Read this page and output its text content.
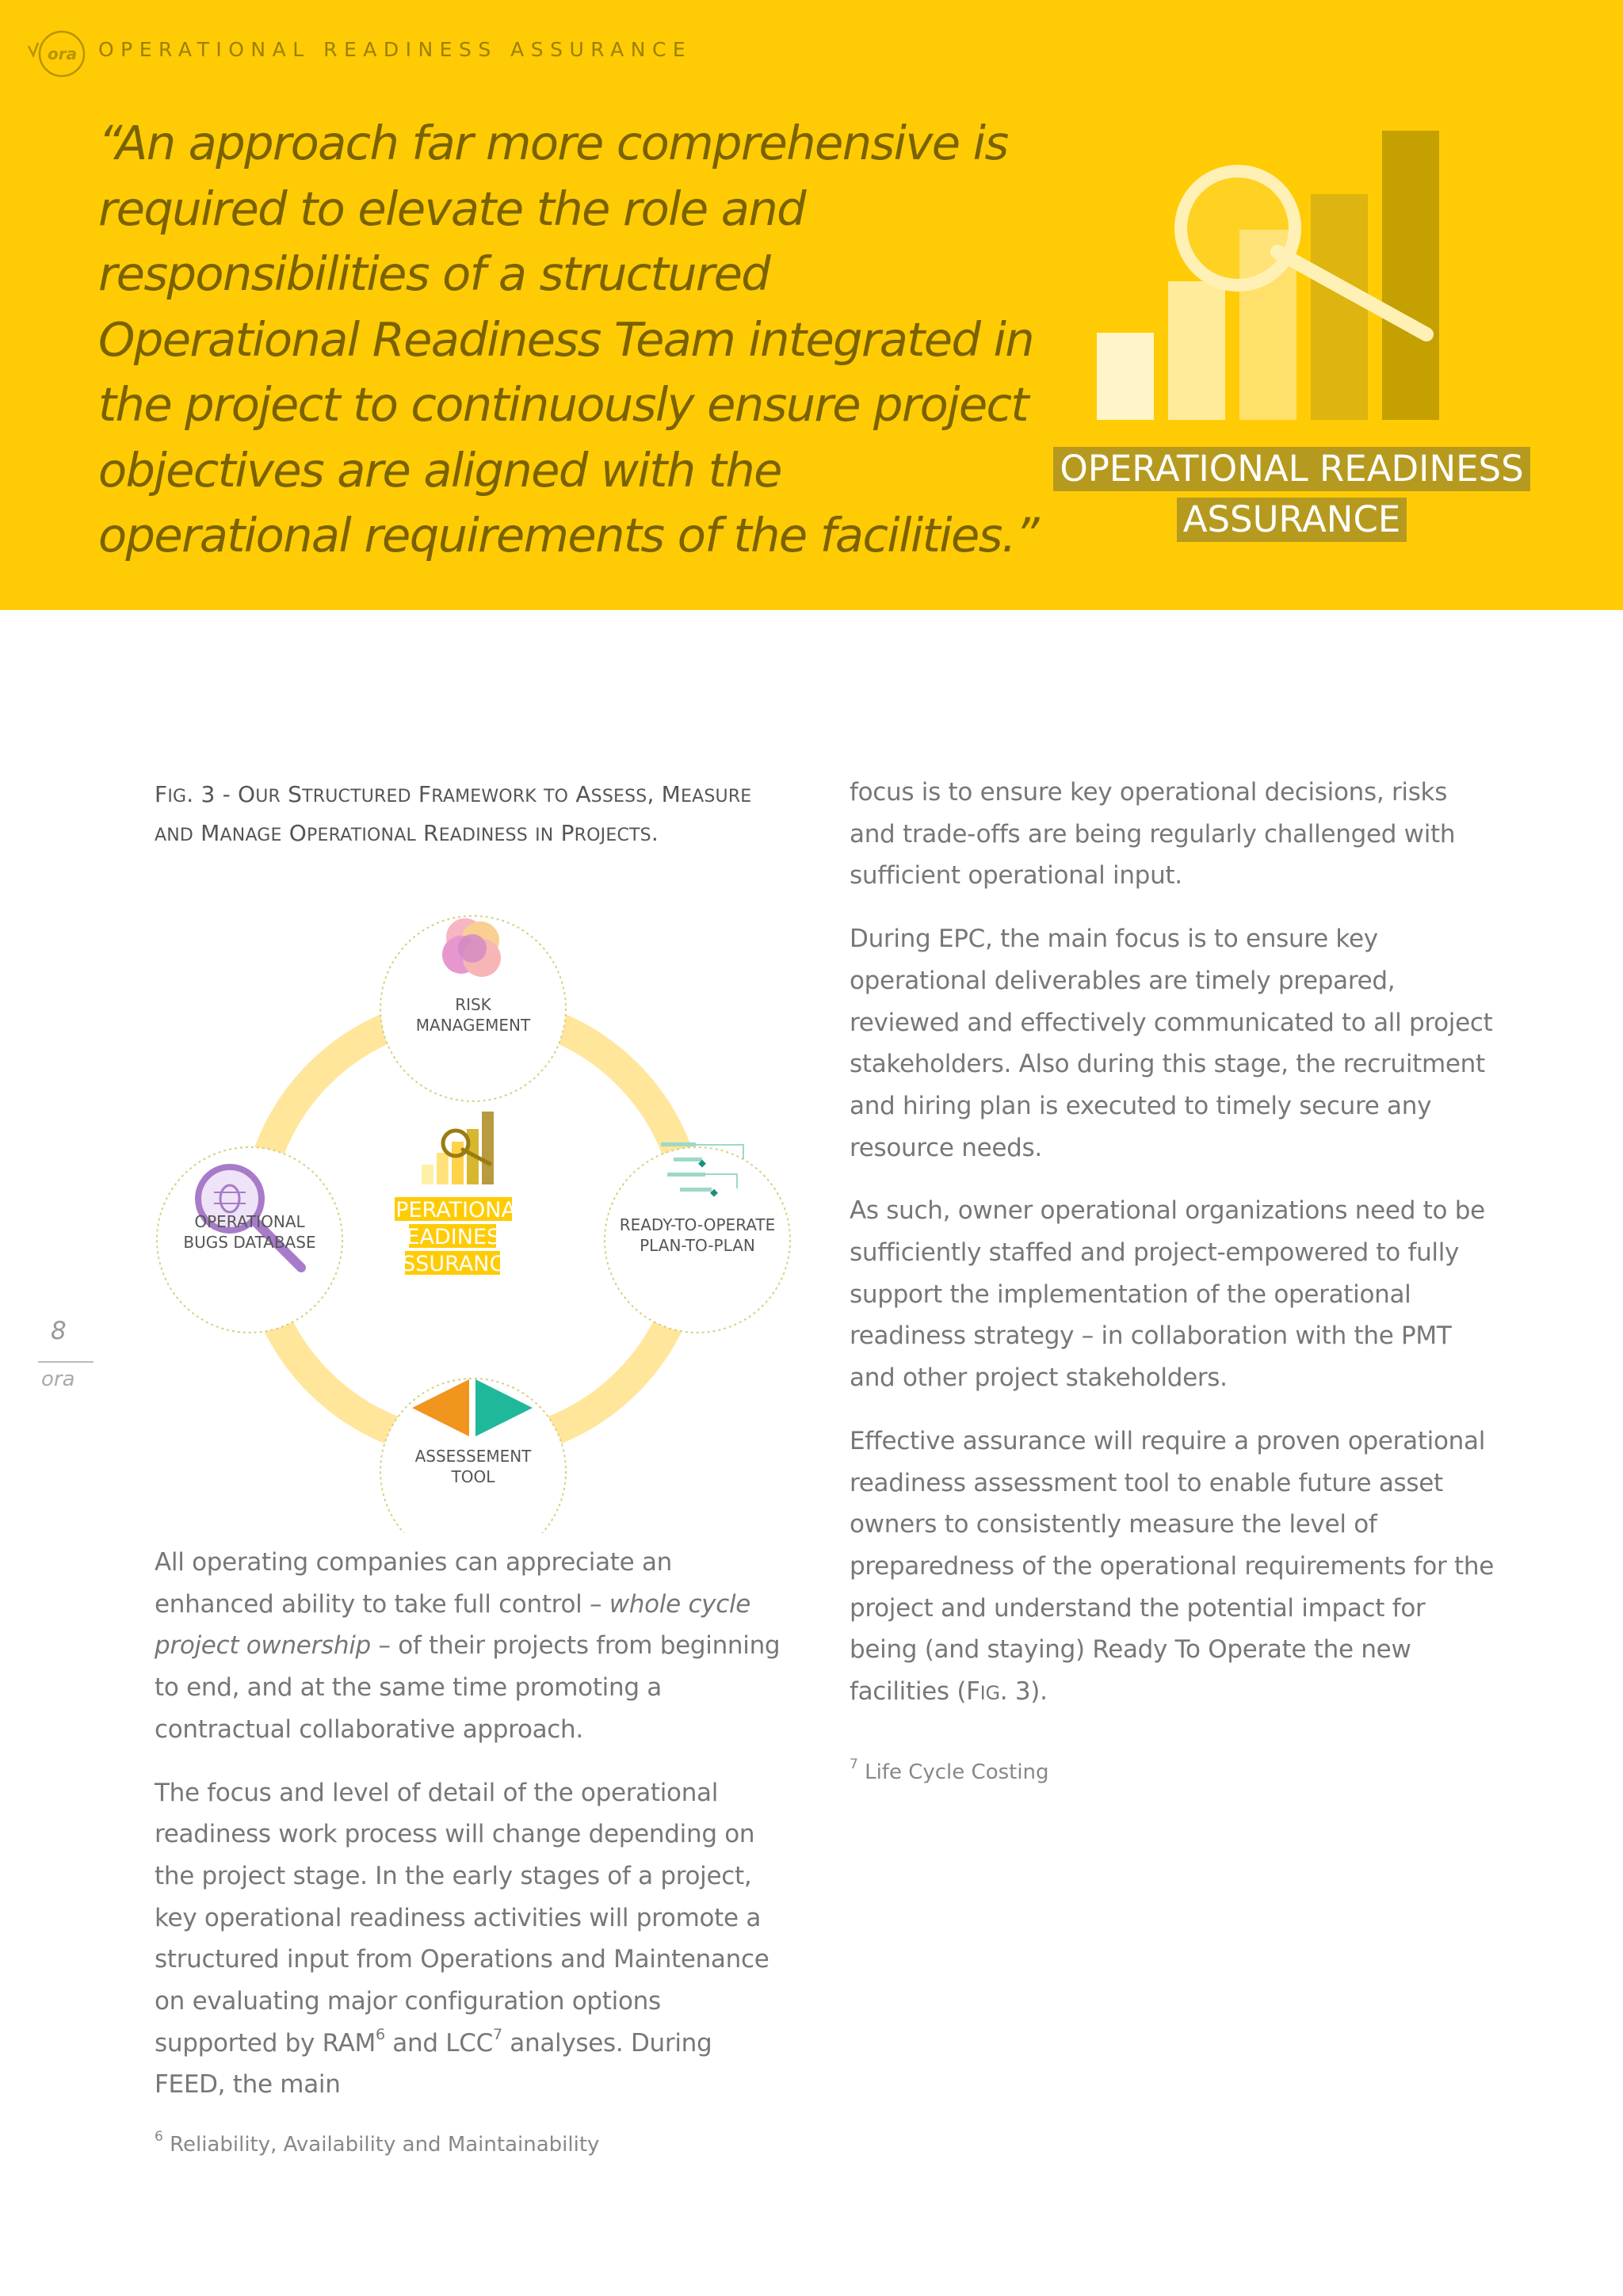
ora OPERATIONAL READINESS ASSURANCE
“An approach far more comprehensive is
required to elevate the role and
responsibilities of a structured
Operational Readiness Team integrated in
the project to continuously ensure project
objectives are aligned with the
operational requirements of the facilities.”
OPERATIONAL READINESS
ASSURANCE
FIG. 3 - OUR STRUCTURED FRAMEWORK TO ASSESS, MEASURE
AND MANAGE OPERATIONAL READINESS IN PROJECTS.
RISK
MANAGEMENT
OPERATIONAL
BUGS DATABASE
READY-TO-OPERATE
PLAN-TO-PLAN
ASSESSEMENT
TOOL
OPERATIONAL
READINESS
ASSURANCE
8
ora

All operating companies can appreciate an enhanced ability to take full control – whole cycle project ownership – of their projects from beginning to end, and at the same time promoting a contractual collaborative approach.

The focus and level of detail of the operational readiness work process will change depending on the project stage. In the early stages of a project, key operational readiness activities will promote a structured input from Operations and Maintenance on evaluating major configuration options supported by RAM$^6$ and LCC$^7$ analyses. During FEED, the main

focus is to ensure key operational decisions, risks and trade-offs are being regularly challenged with sufficient operational input.

During EPC, the main focus is to ensure key operational deliverables are timely prepared, reviewed and effectively communicated to all project stakeholders. Also during this stage, the recruitment and hiring plan is executed to timely secure any resource needs.

As such, owner operational organizations need to be sufficiently staffed and project-empowered to fully support the implementation of the operational readiness strategy – in collaboration with the PMT and other project stakeholders.

Effective assurance will require a proven operational readiness assessment tool to enable future asset owners to consistently measure the level of preparedness of the operational requirements for the project and understand the potential impact for being (and staying) Ready To Operate the new facilities (FIG. 3).

$^7$ Life Cycle Costing
$^6$ Reliability, Availability and Maintainability
